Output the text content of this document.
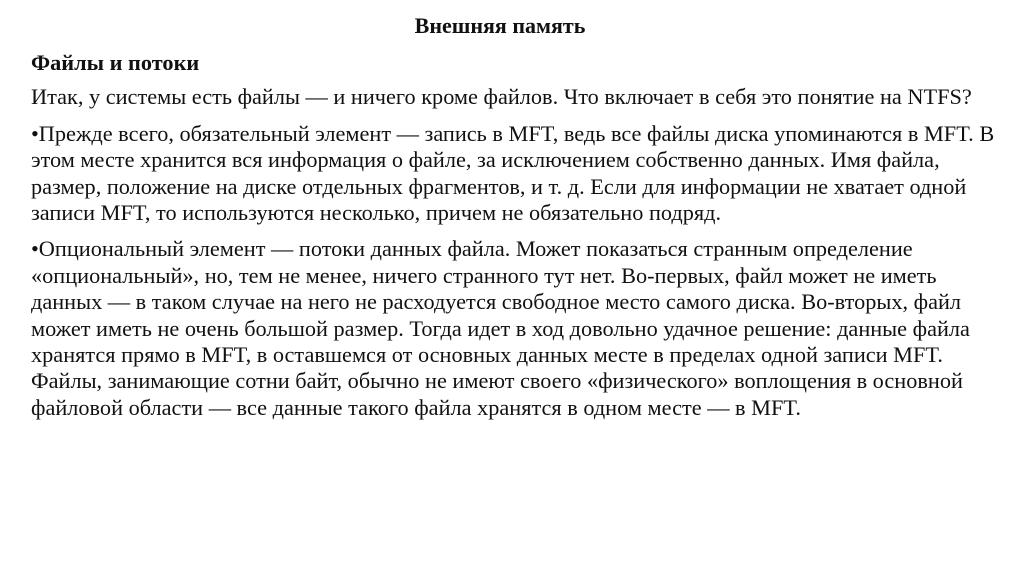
Внешняя память
Файлы и потоки

Итак, у системы есть файлы — и ничего кроме файлов. Что включает в себя это понятие на NTFS?

•Прежде всего, обязательный элемент — запись в MFT, ведь все файлы диска упоминаются в MFT. В этом месте хранится вся информация о файле, за исключением собственно данных. Имя файла, размер, положение на диске отдельных фрагментов, и т. д. Если для информации не хватает одной записи MFT, то используются несколько, причем не обязательно подряд.

•Опциональный элемент — потоки данных файла. Может показаться странным определение «опциональный», но, тем не менее, ничего странного тут нет. Во-первых, файл может не иметь данных — в таком случае на него не расходуется свободное место самого диска. Во-вторых, файл может иметь не очень большой размер. Тогда идет в ход довольно удачное решение: данные файла хранятся прямо в MFT, в оставшемся от основных данных месте в пределах одной записи MFT. Файлы, занимающие сотни байт, обычно не имеют своего «физического» воплощения в основной файловой области — все данные такого файла хранятся в одном месте — в MFT.
